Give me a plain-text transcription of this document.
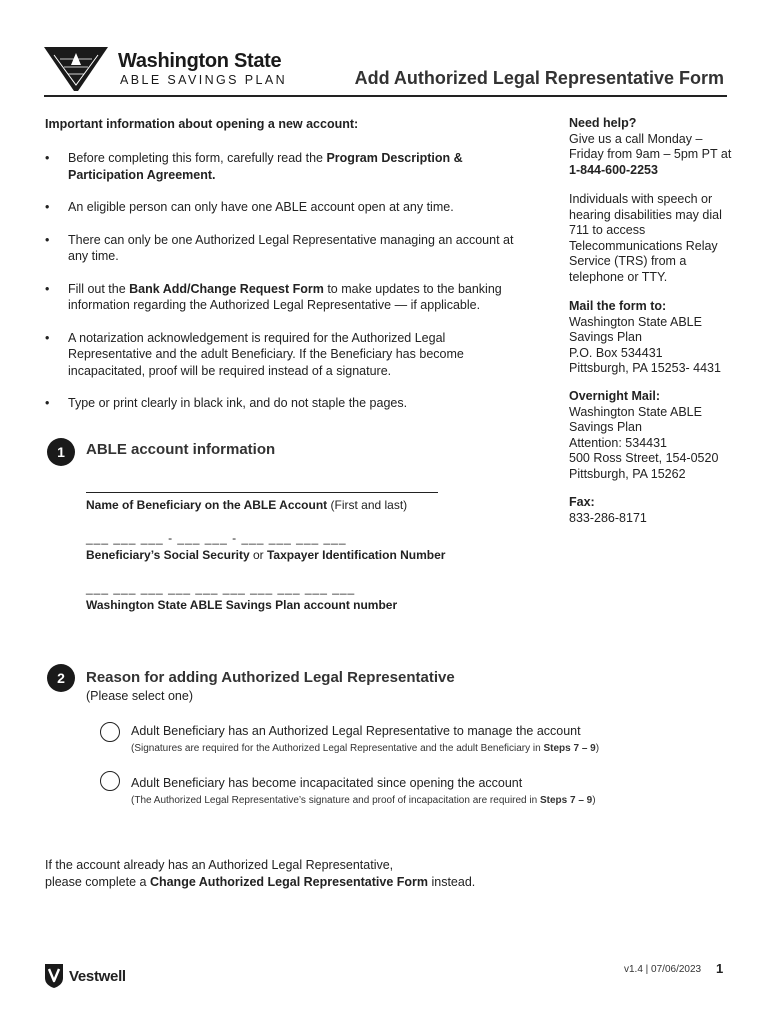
Washington State
ABLE SAVINGS PLAN	Add Authorized Legal Representative Form
Important information about opening a new account:
• Before completing this form, carefully read the Program Description & Participation Agreement.
• An eligible person can only have one ABLE account open at any time.
• There can only be one Authorized Legal Representative managing an account at any time.
• Fill out the Bank Add/Change Request Form to make updates to the banking information regarding the Authorized Legal Representative — if applicable.
• A notarization acknowledgement is required for the Authorized Legal Representative and the adult Beneficiary. If the Beneficiary has become incapacitated, proof will be required instead of a signature.
• Type or print clearly in black ink, and do not staple the pages.
1	ABLE account information
Name of Beneficiary on the ABLE Account (First and last)
___ ___ ___ - ___ ___ - ___ ___ ___ ___
Beneficiary’s Social Security or Taxpayer Identification Number
___ ___ ___ ___ ___ ___ ___ ___ ___ ___
Washington State ABLE Savings Plan account number
2	Reason for adding Authorized Legal Representative
(Please select one)
Adult Beneficiary has an Authorized Legal Representative to manage the account
(Signatures are required for the Authorized Legal Representative and the adult Beneficiary in Steps 7 – 9)
Adult Beneficiary has become incapacitated since opening the account
(The Authorized Legal Representative’s signature and proof of incapacitation are required in Steps 7 – 9)
If the account already has an Authorized Legal Representative,
please complete a Change Authorized Legal Representative Form instead.
Need help?
Give us a call Monday – Friday from 9am – 5pm PT at 1-844-600-2253
Individuals with speech or hearing disabilities may dial 711 to access Telecommunications Relay Service (TRS) from a telephone or TTY.
Mail the form to:
Washington State ABLE
Savings Plan
P.O. Box 534431
Pittsburgh, PA 15253- 4431
Overnight Mail:
Washington State ABLE
Savings Plan
Attention: 534431
500 Ross Street, 154-0520
Pittsburgh, PA 15262
Fax:
833-286-8171
Vestwell	v1.4 | 07/06/2023 1
